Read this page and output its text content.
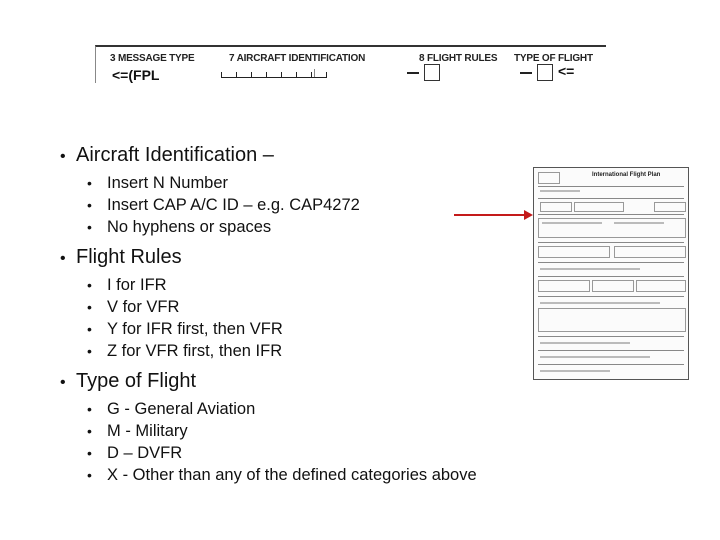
3 MESSAGE TYPE
<=(FPL
7 AIRCRAFT IDENTIFICATION	8 FLIGHT RULES TYPE OF FLIGHT
<=
• Aircraft Identification –
• Insert N Number
• Insert CAP A/C ID – e.g. CAP4272
• No hyphens or spaces
• Flight Rules
• I for IFR
• V for VFR
• Y for IFR first, then VFR
• Z for VFR first, then IFR
• Type of Flight
• G - General Aviation
• M - Military
• D – DVFR
• X - Other than any of the defined categories above
International Flight Plan
